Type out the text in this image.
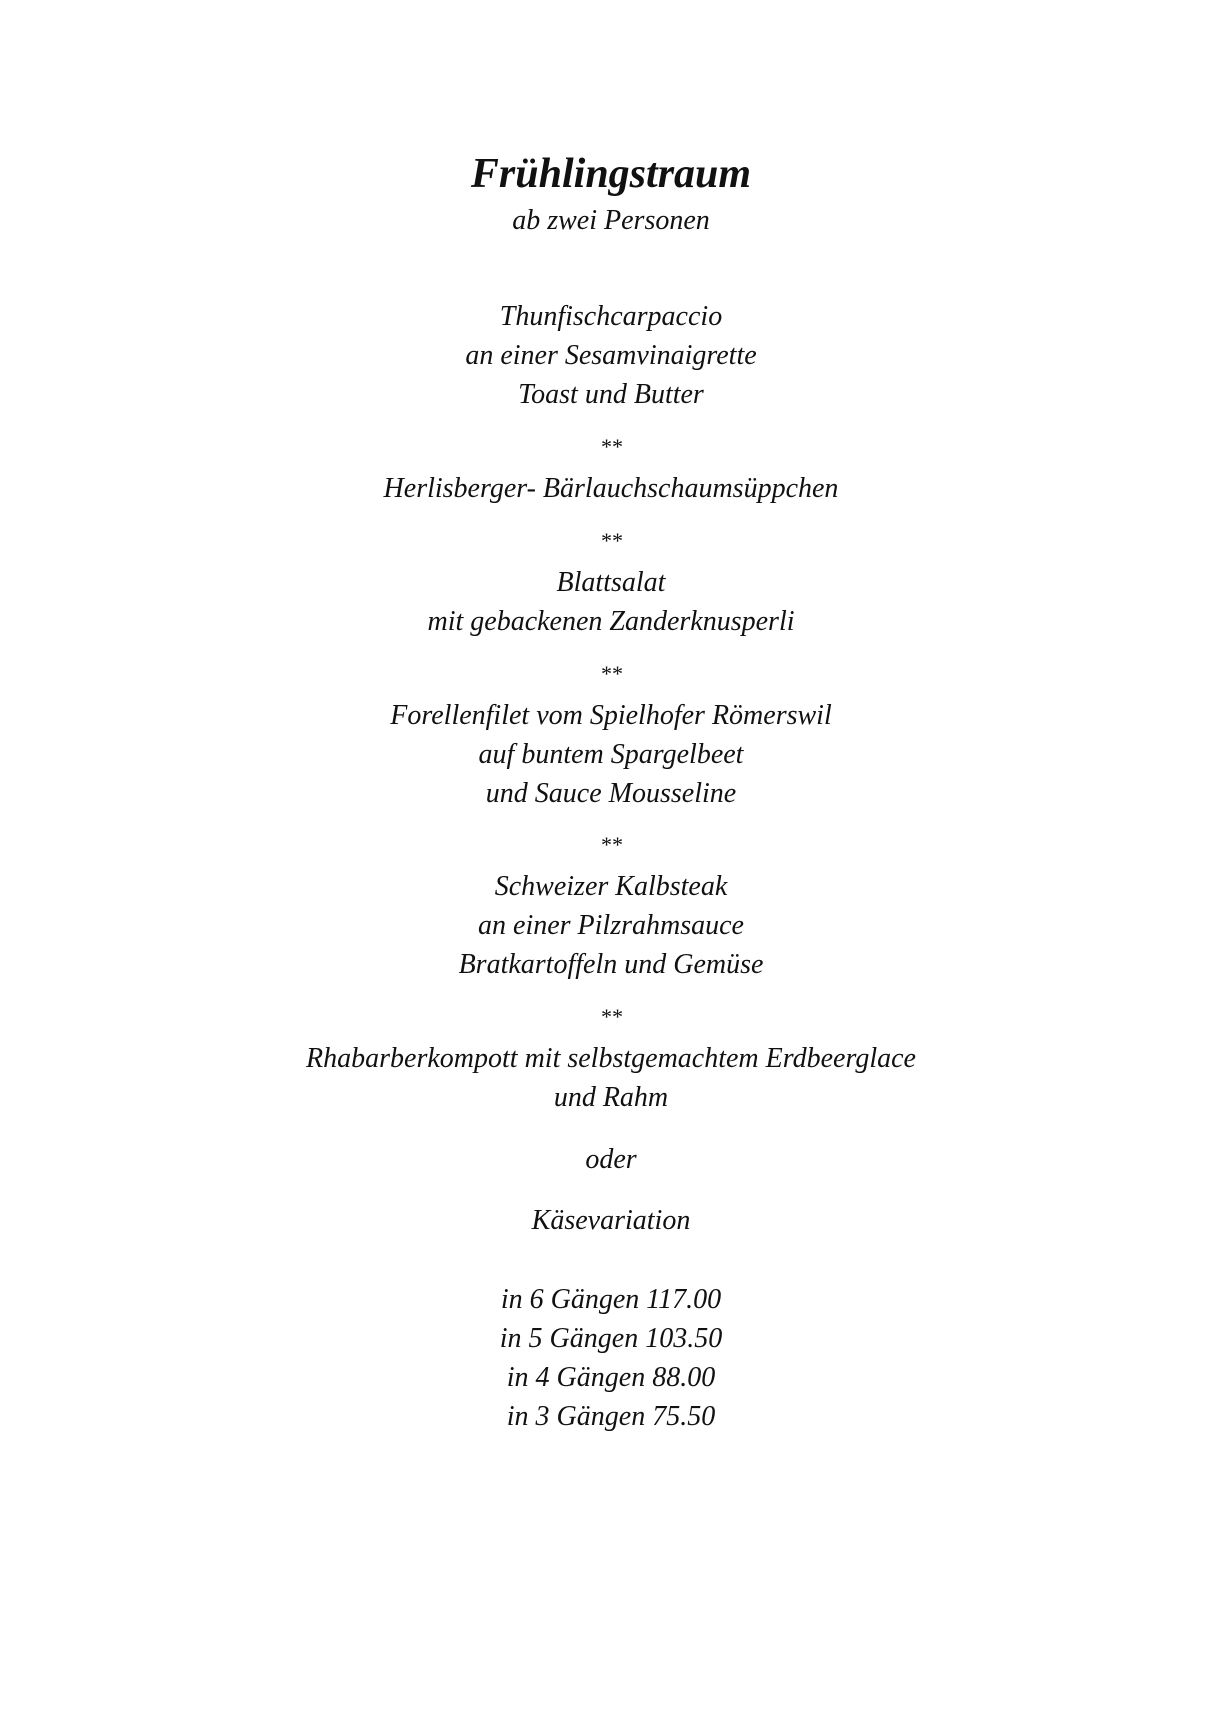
Frühlingstraum

ab zwei Personen

Thunfischcarpaccio

an einer Sesamvinaigrette

Toast und Butter

**

Herlisberger- Bärlauchschaumsüppchen

**

Blattsalat

mit gebackenen Zanderknusperli

**

Forellenfilet vom Spielhofer Römerswil

auf buntem Spargelbeet

und Sauce Mousseline

**

Schweizer Kalbsteak

an einer Pilzrahmsauce

Bratkartoffeln und Gemüse

**

Rhabarberkompott mit selbstgemachtem Erdbeerglace

und Rahm

oder

Käsevariation

in 6 Gängen 117.00

in 5 Gängen 103.50

in 4 Gängen 88.00

in 3 Gängen 75.50
